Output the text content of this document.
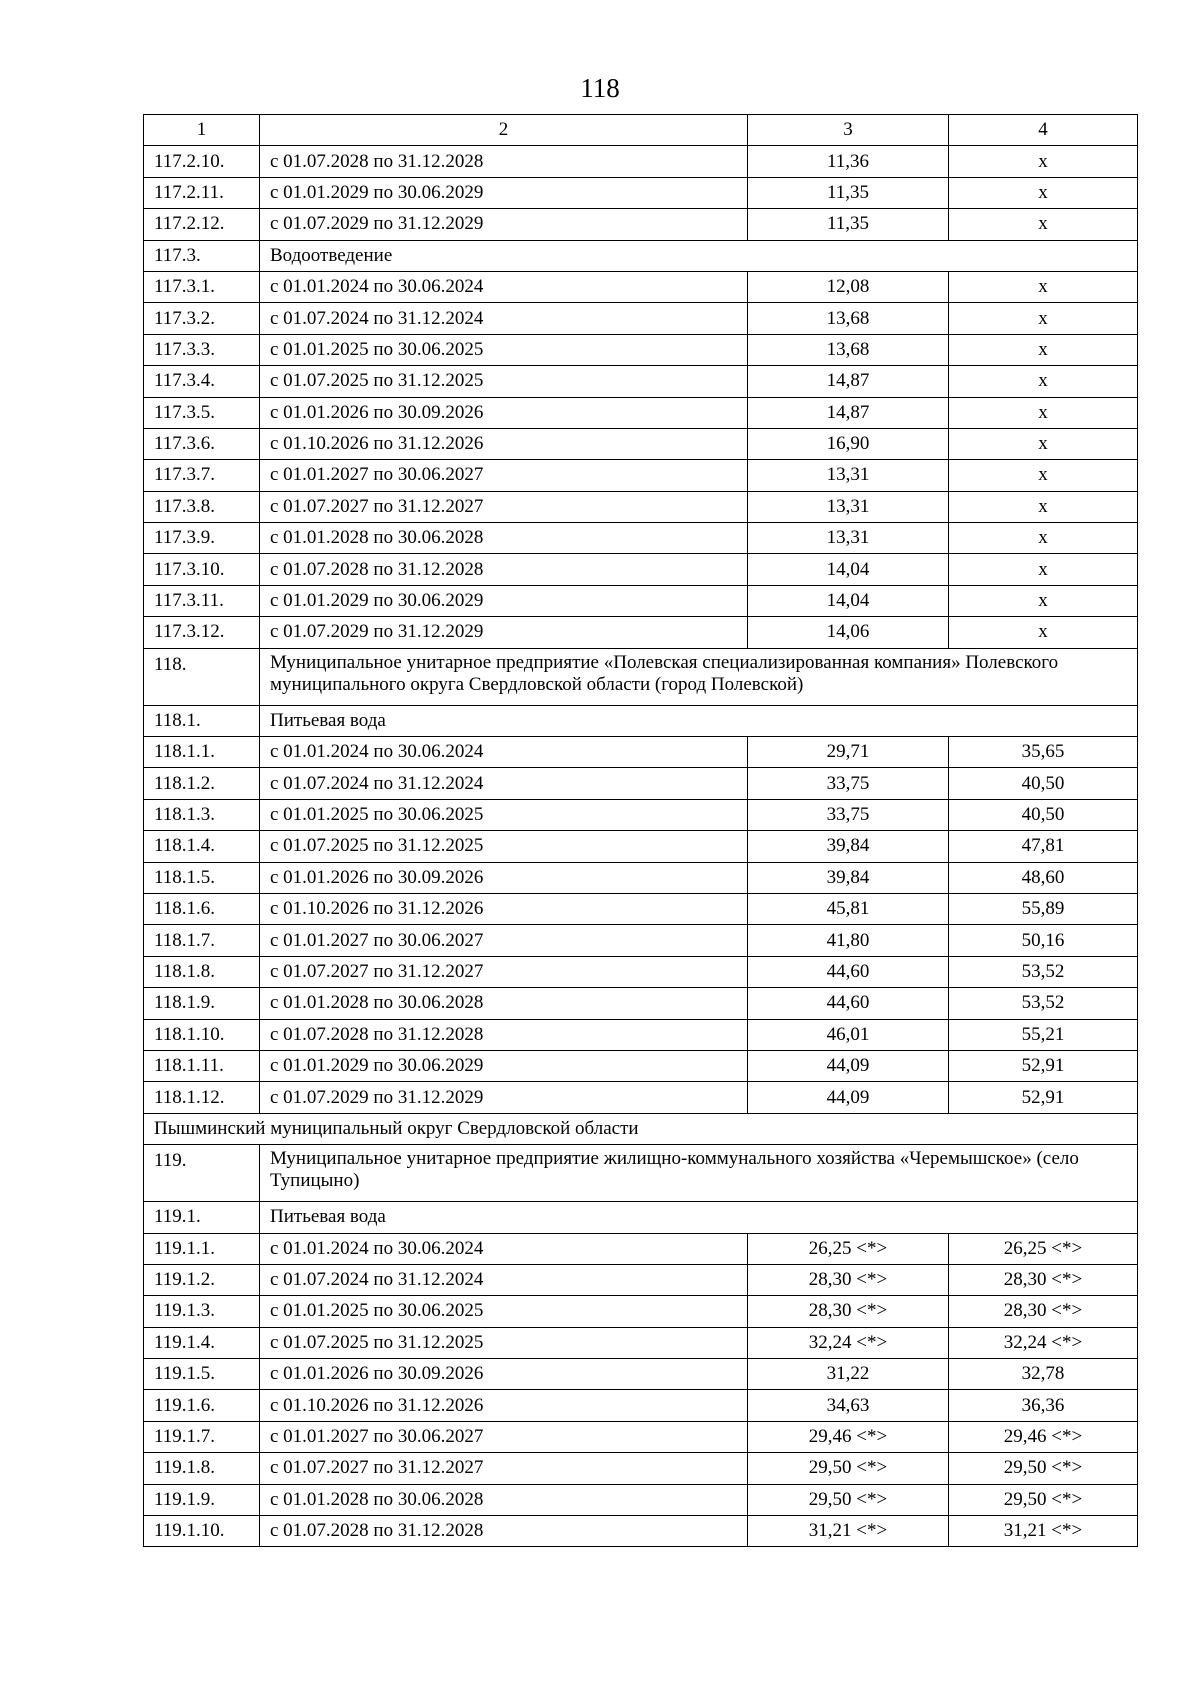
118
1	2	3	4
117.2.10.	с 01.07.2028 по 31.12.2028	11,36	х
117.2.11.	с 01.01.2029 по 30.06.2029	11,35	х
117.2.12.	с 01.07.2029 по 31.12.2029	11,35	х
117.3.	Водоотведение		
117.3.1.	с 01.01.2024 по 30.06.2024	12,08	х
117.3.2.	с 01.07.2024 по 31.12.2024	13,68	х
117.3.3.	с 01.01.2025 по 30.06.2025	13,68	х
117.3.4.	с 01.07.2025 по 31.12.2025	14,87	х
117.3.5.	с 01.01.2026 по 30.09.2026	14,87	х
117.3.6.	с 01.10.2026 по 31.12.2026	16,90	х
117.3.7.	с 01.01.2027 по 30.06.2027	13,31	х
117.3.8.	с 01.07.2027 по 31.12.2027	13,31	х
117.3.9.	с 01.01.2028 по 30.06.2028	13,31	х
117.3.10.	с 01.07.2028 по 31.12.2028	14,04	х
117.3.11.	с 01.01.2029 по 30.06.2029	14,04	х
117.3.12.	с 01.07.2029 по 31.12.2029	14,06	х
118.	Муниципальное унитарное предприятие «Полевская специализированная компания» Полевского муниципального округа Свердловской области (город Полевской)		
118.1.	Питьевая вода		
118.1.1.	с 01.01.2024 по 30.06.2024	29,71	35,65
118.1.2.	с 01.07.2024 по 31.12.2024	33,75	40,50
118.1.3.	с 01.01.2025 по 30.06.2025	33,75	40,50
118.1.4.	с 01.07.2025 по 31.12.2025	39,84	47,81
118.1.5.	с 01.01.2026 по 30.09.2026	39,84	48,60
118.1.6.	с 01.10.2026 по 31.12.2026	45,81	55,89
118.1.7.	с 01.01.2027 по 30.06.2027	41,80	50,16
118.1.8.	с 01.07.2027 по 31.12.2027	44,60	53,52
118.1.9.	с 01.01.2028 по 30.06.2028	44,60	53,52
118.1.10.	с 01.07.2028 по 31.12.2028	46,01	55,21
118.1.11.	с 01.01.2029 по 30.06.2029	44,09	52,91
118.1.12.	с 01.07.2029 по 31.12.2029	44,09	52,91
Пышминский муниципальный округ Свердловской области			
119.	Муниципальное унитарное предприятие жилищно-коммунального хозяйства «Черемышское» (село Тупицыно)		
119.1.	Питьевая вода		
119.1.1.	с 01.01.2024 по 30.06.2024	26,25 <*>	26,25 <*>
119.1.2.	с 01.07.2024 по 31.12.2024	28,30 <*>	28,30 <*>
119.1.3.	с 01.01.2025 по 30.06.2025	28,30 <*>	28,30 <*>
119.1.4.	с 01.07.2025 по 31.12.2025	32,24 <*>	32,24 <*>
119.1.5.	с 01.01.2026 по 30.09.2026	31,22	32,78
119.1.6.	с 01.10.2026 по 31.12.2026	34,63	36,36
119.1.7.	с 01.01.2027 по 30.06.2027	29,46 <*>	29,46 <*>
119.1.8.	с 01.07.2027 по 31.12.2027	29,50 <*>	29,50 <*>
119.1.9.	с 01.01.2028 по 30.06.2028	29,50 <*>	29,50 <*>
119.1.10.	с 01.07.2028 по 31.12.2028	31,21 <*>	31,21 <*>
